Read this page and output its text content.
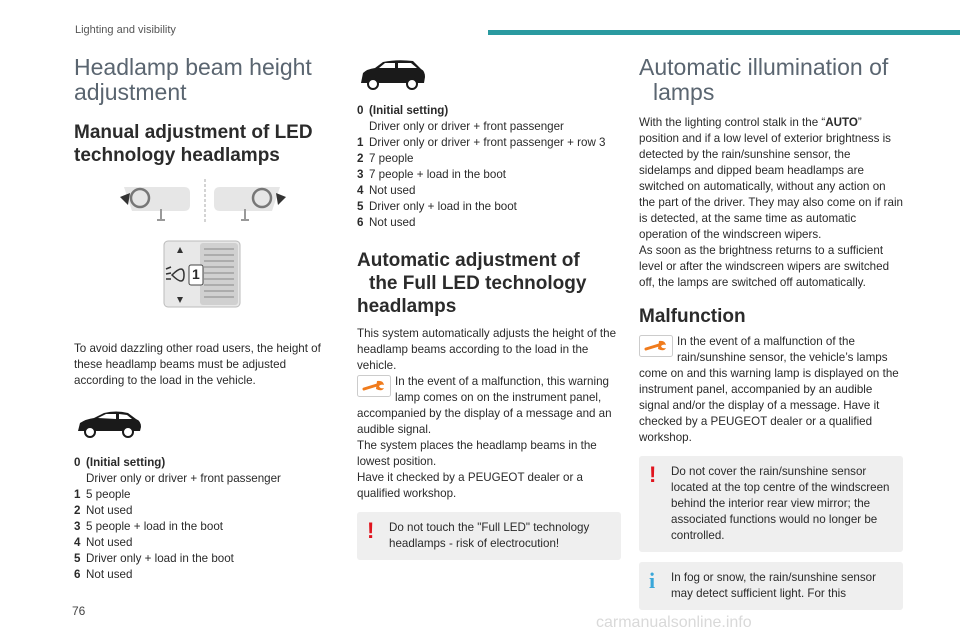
Lighting and visibility
Headlamp beam height
adjustment
Manual adjustment of LED
technology headlamps
1

To avoid dazzling other road users, the height of these headlamp beams must be adjusted according to the load in the vehicle.

0 (Initial setting)
Driver only or driver + front passenger
1 5 people
2 Not used
3 5 people + load in the boot
4 Not used
5 Driver only + load in the boot
6 Not used
0 (Initial setting)
Driver only or driver + front passenger
1 Driver only or driver + front passenger + row 3
2 7 people
3 7 people + load in the boot
4 Not used
5 Driver only + load in the boot
6 Not used
Automatic adjustment of
the Full LED technology
headlamps

This system automatically adjusts the height of the headlamp beams according to the load in the vehicle.

In the event of a malfunction, this warning lamp comes on on the instrument panel, accompanied by the display of a message and an audible signal.

The system places the headlamp beams in the lowest position.

Have it checked by a PEUGEOT dealer or a qualified workshop.

! Do not touch the "Full LED" technology headlamps - risk of electrocution!

Automatic illumination of
lamps

With the lighting control stalk in the “AUTO” position and if a low level of exterior brightness is detected by the rain/sunshine sensor, the sidelamps and dipped beam headlamps are switched on automatically, without any action on the part of the driver. They may also come on if rain is detected, at the same time as automatic operation of the windscreen wipers.

As soon as the brightness returns to a sufficient level or after the windscreen wipers are switched off, the lamps are switched off automatically.

Malfunction

In the event of a malfunction of the rain/sunshine sensor, the vehicle’s lamps come on and this warning lamp is displayed on the instrument panel, accompanied by an audible signal and/or the display of a message. Have it checked by a PEUGEOT dealer or a qualified workshop.

! Do not cover the rain/sunshine sensor located at the top centre of the windscreen behind the interior rear view mirror; the associated functions would no longer be controlled.

i In fog or snow, the rain/sunshine sensor may detect sufficient light. For this

76
carmanualsonline.info
